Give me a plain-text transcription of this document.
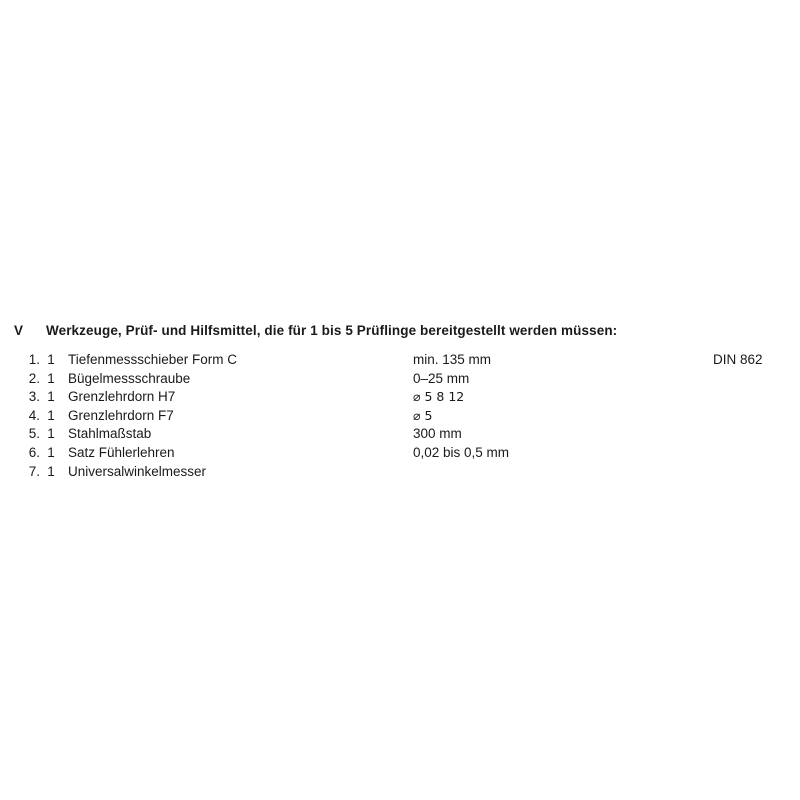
V	Werkzeuge, Prüf- und Hilfsmittel, die für 1 bis 5 Prüflinge bereitgestellt werden müssen:
1.	1	Tiefenmessschieber Form C	min. 135 mm	DIN 862
2.	1	Bügelmessschraube	0–25 mm	
3.	1	Grenzlehrdorn H7	⌀ 5 8 12	
4.	1	Grenzlehrdorn F7	⌀ 5	
5.	1	Stahlmaßstab	300 mm	
6.	1	Satz Fühlerlehren	0,02 bis 0,5 mm	
7.	1	Universalwinkelmesser		
